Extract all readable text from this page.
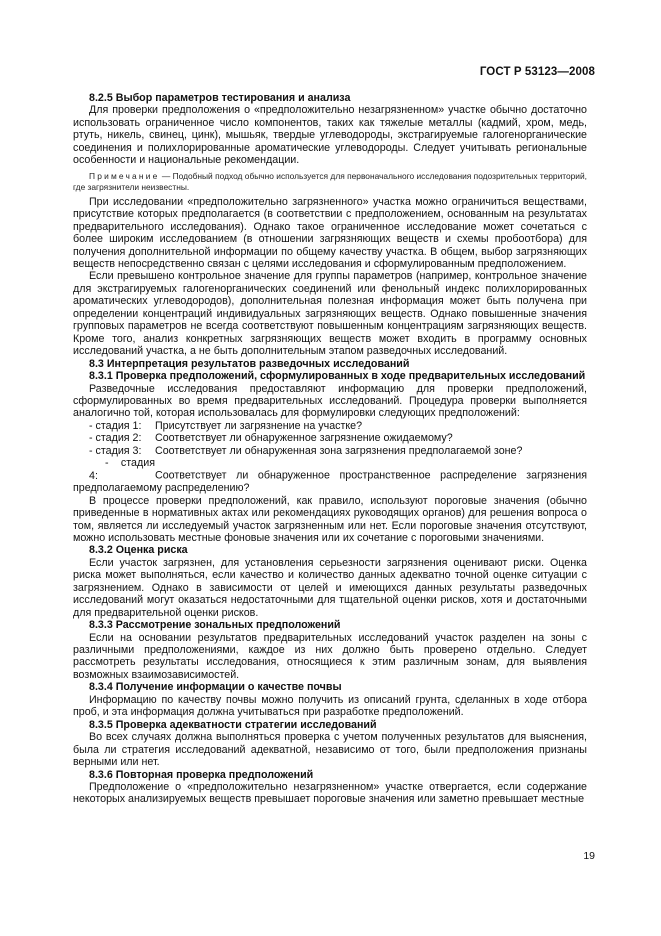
ГОСТ Р 53123—2008
8.2.5 Выбор параметров тестирования и анализа

Для проверки предположения о «предположительно незагрязненном» участке обычно достаточно использовать ограниченное число компонентов, таких как тяжелые металлы (кадмий, хром, медь, ртуть, никель, свинец, цинк), мышьяк, твердые углеводороды, экстрагируемые галогенорганические соединения и полихлорированные ароматические углеводороды. Следует учитывать региональные особенности и национальные рекомендации.

Примечание — Подобный подход обычно используется для первоначального исследования подозрительных территорий, где загрязнители неизвестны.

При исследовании «предположительно загрязненного» участка можно ограничиться веществами, присутствие которых предполагается (в соответствии с предположением, основанным на результатах предварительного исследования). Однако такое ограниченное исследование может сочетаться с более широким исследованием (в отношении загрязняющих веществ и схемы пробоотбора) для получения дополнительной информации по общему качеству участка. В общем, выбор загрязняющих веществ непосредственно связан с целями исследования и сформулированным предположением.

Если превышено контрольное значение для группы параметров (например, контрольное значение для экстрагируемых галогенорганических соединений или фенольный индекс полихлорированных ароматических углеводородов), дополнительная полезная информация может быть получена при определении концентраций индивидуальных загрязняющих веществ. Однако повышенные значения групповых параметров не всегда соответствуют повышенным концентрациям загрязняющих веществ. Кроме того, анализ конкретных загрязняющих веществ может входить в программу основных исследований участка, а не быть дополнительным этапом разведочных исследований.

8.3 Интерпретация результатов разведочных исследований
8.3.1 Проверка предположений, сформулированных в ходе предварительных исследований

Разведочные исследования предоставляют информацию для проверки предположений, сформулированных во время предварительных исследований. Процедура проверки выполняется аналогично той, которая использовалась для формулировки следующих предположений:

- стадия 1: Присутствует ли загрязнение на участке?
- стадия 2: Соответствует ли обнаруженное загрязнение ожидаемому?
- стадия 3: Соответствует ли обнаруженная зона загрязнения предполагаемой зоне?
- стадия 4:	Соответствует ли обнаруженное пространственное распределение загрязнения предполагаемому распределению?

В процессе проверки предположений, как правило, используют пороговые значения (обычно приведенные в нормативных актах или рекомендациях руководящих органов) для решения вопроса о том, является ли исследуемый участок загрязненным или нет. Если пороговые значения отсутствуют, можно использовать местные фоновые значения или их сочетание с пороговыми значениями.

8.3.2 Оценка риска

Если участок загрязнен, для установления серьезности загрязнения оценивают риски. Оценка риска может выполняться, если качество и количество данных адекватно точной оценке ситуации с загрязнением. Однако в зависимости от целей и имеющихся данных результаты разведочных исследований могут оказаться недостаточными для тщательной оценки рисков, хотя и достаточными для предварительной оценки рисков.

8.3.3 Рассмотрение зональных предположений

Если на основании результатов предварительных исследований участок разделен на зоны с различными предположениями, каждое из них должно быть проверено отдельно. Следует рассмотреть результаты исследования, относящиеся к этим различным зонам, для выявления возможных взаимозависимостей.

8.3.4 Получение информации о качестве почвы

Информацию по качеству почвы можно получить из описаний грунта, сделанных в ходе отбора проб, и эта информация должна учитываться при разработке предположений.

8.3.5 Проверка адекватности стратегии исследований

Во всех случаях должна выполняться проверка с учетом полученных результатов для выяснения, была ли стратегия исследований адекватной, независимо от того, были предположения признаны верными или нет.

8.3.6 Повторная проверка предположений

Предположение о «предположительно незагрязненном» участке отвергается, если содержание некоторых анализируемых веществ превышает пороговые значения или заметно превышает местные

19
